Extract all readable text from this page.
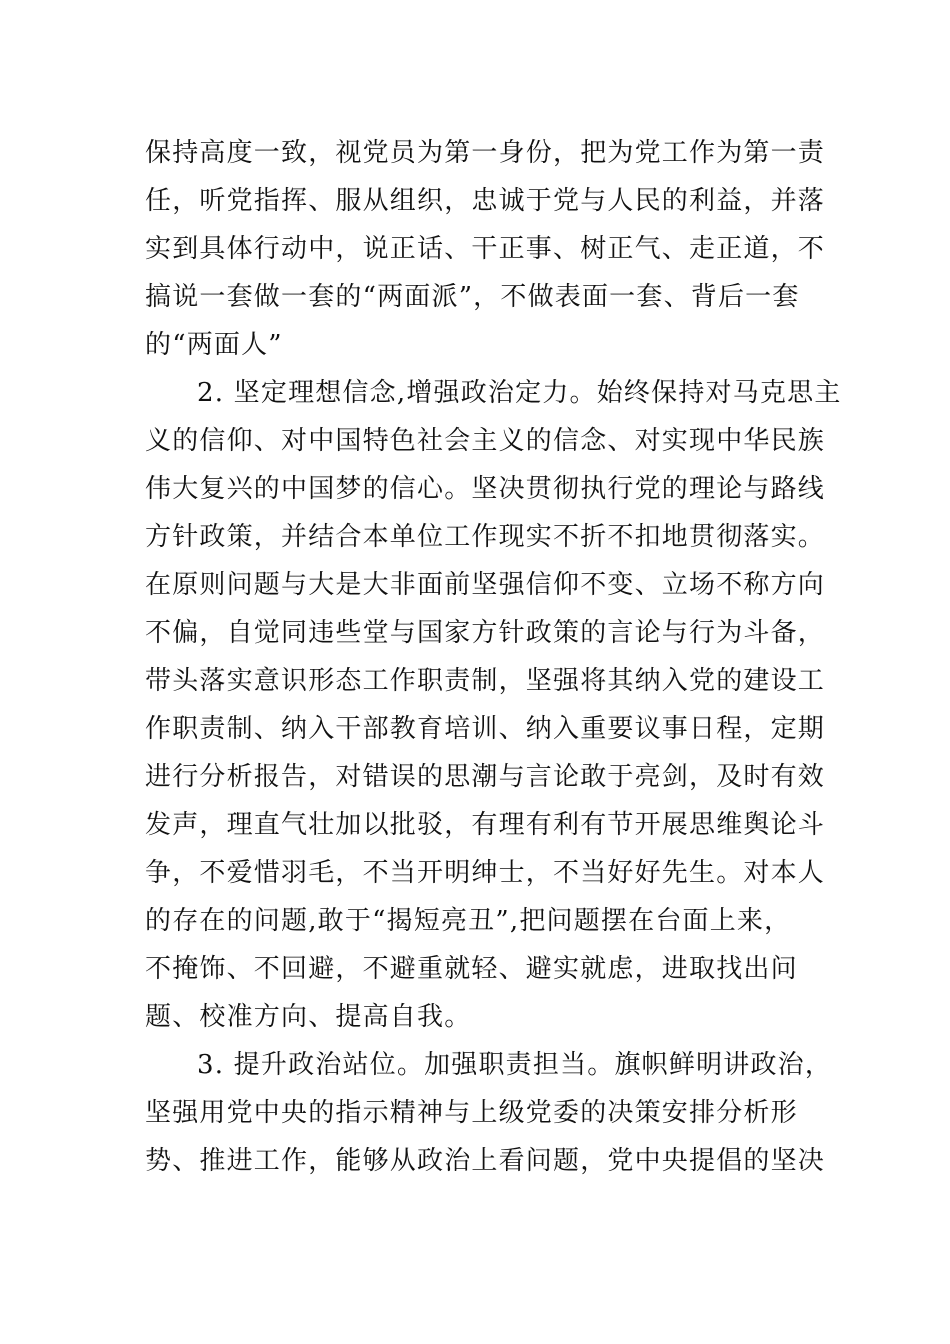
保持高度一致，视党员为第一身份，把为党工作为第一责
任，听党指挥、服从组织，忠诚于党与人民的利益，并落
实到具体行动中，说正话、干正事、树正气、走正道，不
搞说一套做一套的“两面派”，不做表面一套、背后一套
的“两面人”
2. 坚定理想信念,增强政治定力。始终保持对马克思主
义的信仰、对中国特色社会主义的信念、对实现中华民族
伟大复兴的中国梦的信心。坚决贯彻执行党的理论与路线
方针政策，并结合本单位工作现实不折不扣地贯彻落实。
在原则问题与大是大非面前坚强信仰不变、立场不称方向
不偏，自觉同违些堂与国家方针政策的言论与行为斗备，
带头落实意识形态工作职责制，坚强将其纳入党的建设工
作职责制、纳入干部教育培训、纳入重要议事日程，定期
进行分析报告，对错误的思潮与言论敢于亮剑，及时有效
发声，理直气壮加以批驳，有理有利有节开展思维舆论斗
争，不爱惜羽毛，不当开明绅士，不当好好先生。对本人
的存在的问题,敢于“揭短亮丑”,把问题摆在台面上来，
不掩饰、不回避，不避重就轻、避实就虑，进取找出问
题、校准方向、提高自我。
3. 提升政治站位。加强职责担当。旗帜鲜明讲政治，
坚强用党中央的指示精神与上级党委的决策安排分析形
势、推进工作，能够从政治上看问题，党中央提倡的坚决
